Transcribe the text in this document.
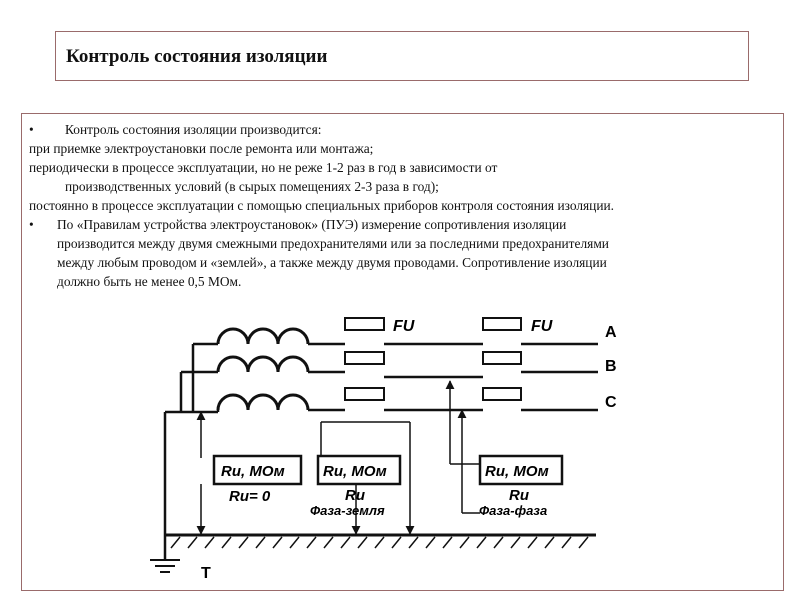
Контроль состояния изоляции
• Контроль состояния изоляции производится:
при приемке электроустановки после ремонта или монтажа;
периодически в процессе эксплуатации, но не реже 1-2 раз в год в зависимости от
производственных условий (в сырых помещениях 2-3 раза в год);
постоянно в процессе эксплуатации с помощью специальных приборов контроля состояния изоляции.
• По «Правилам устройства электроустановок» (ПУЭ) измерение сопротивления изоляции
производится между двумя смежными предохранителями или за последними предохранителями
между любым проводом и «землей», а также между двумя проводами. Сопротивление изоляции
должно быть не менее 0,5 МОм.
FU	FU	A
B
C
Rи, МОм	Rи, МОм	Rи, МОм
Rи= 0	Rи
Фаза-земля
Rи
Фаза-фаза
Т
